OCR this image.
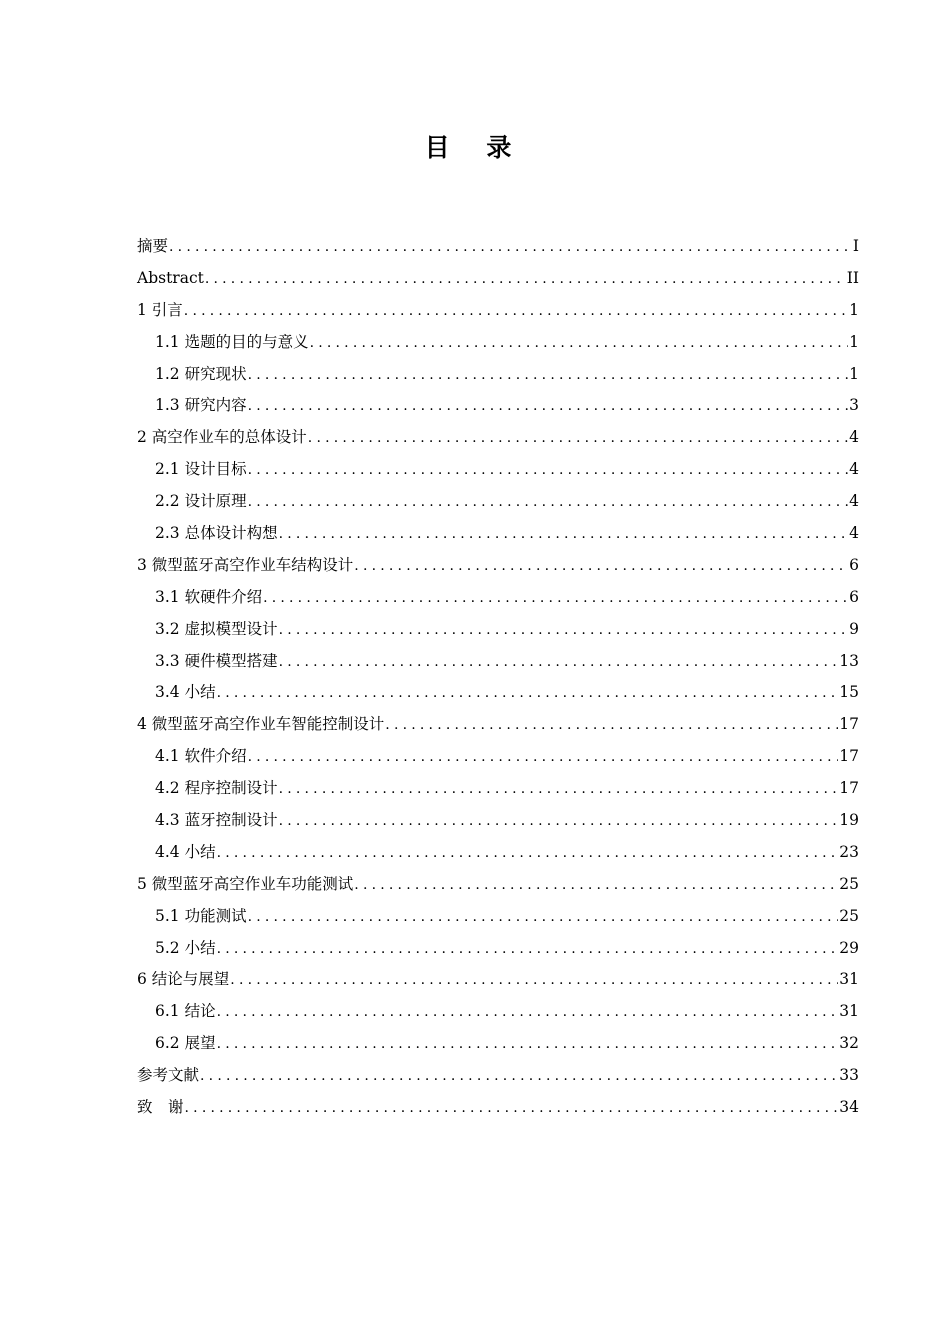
目 录
摘要 .....	I
Abstract .....	II
1 引言 .....	1
1.1 选题的目的与意义 .....	1
1.2 研究现状 .....	1
1.3 研究内容 .....	3
2 高空作业车的总体设计 .....	4
2.1 设计目标 .....	4
2.2 设计原理 .....	4
2.3 总体设计构想 .....	4
3 微型蓝牙高空作业车结构设计 .....	6
3.1 软硬件介绍 .....	6
3.2 虚拟模型设计 .....	9
3.3 硬件模型搭建 .....	13
3.4 小结 .....	15
4 微型蓝牙高空作业车智能控制设计 .....	17
4.1 软件介绍 .....	17
4.2 程序控制设计 .....	17
4.3 蓝牙控制设计 .....	19
4.4 小结 .....	23
5 微型蓝牙高空作业车功能测试 .....	25
5.1 功能测试 .....	25
5.2 小结 .....	29
6 结论与展望 .....	31
6.1 结论 .....	31
6.2 展望 .....	32
参考文献 .....	33
致　谢 .....	34
